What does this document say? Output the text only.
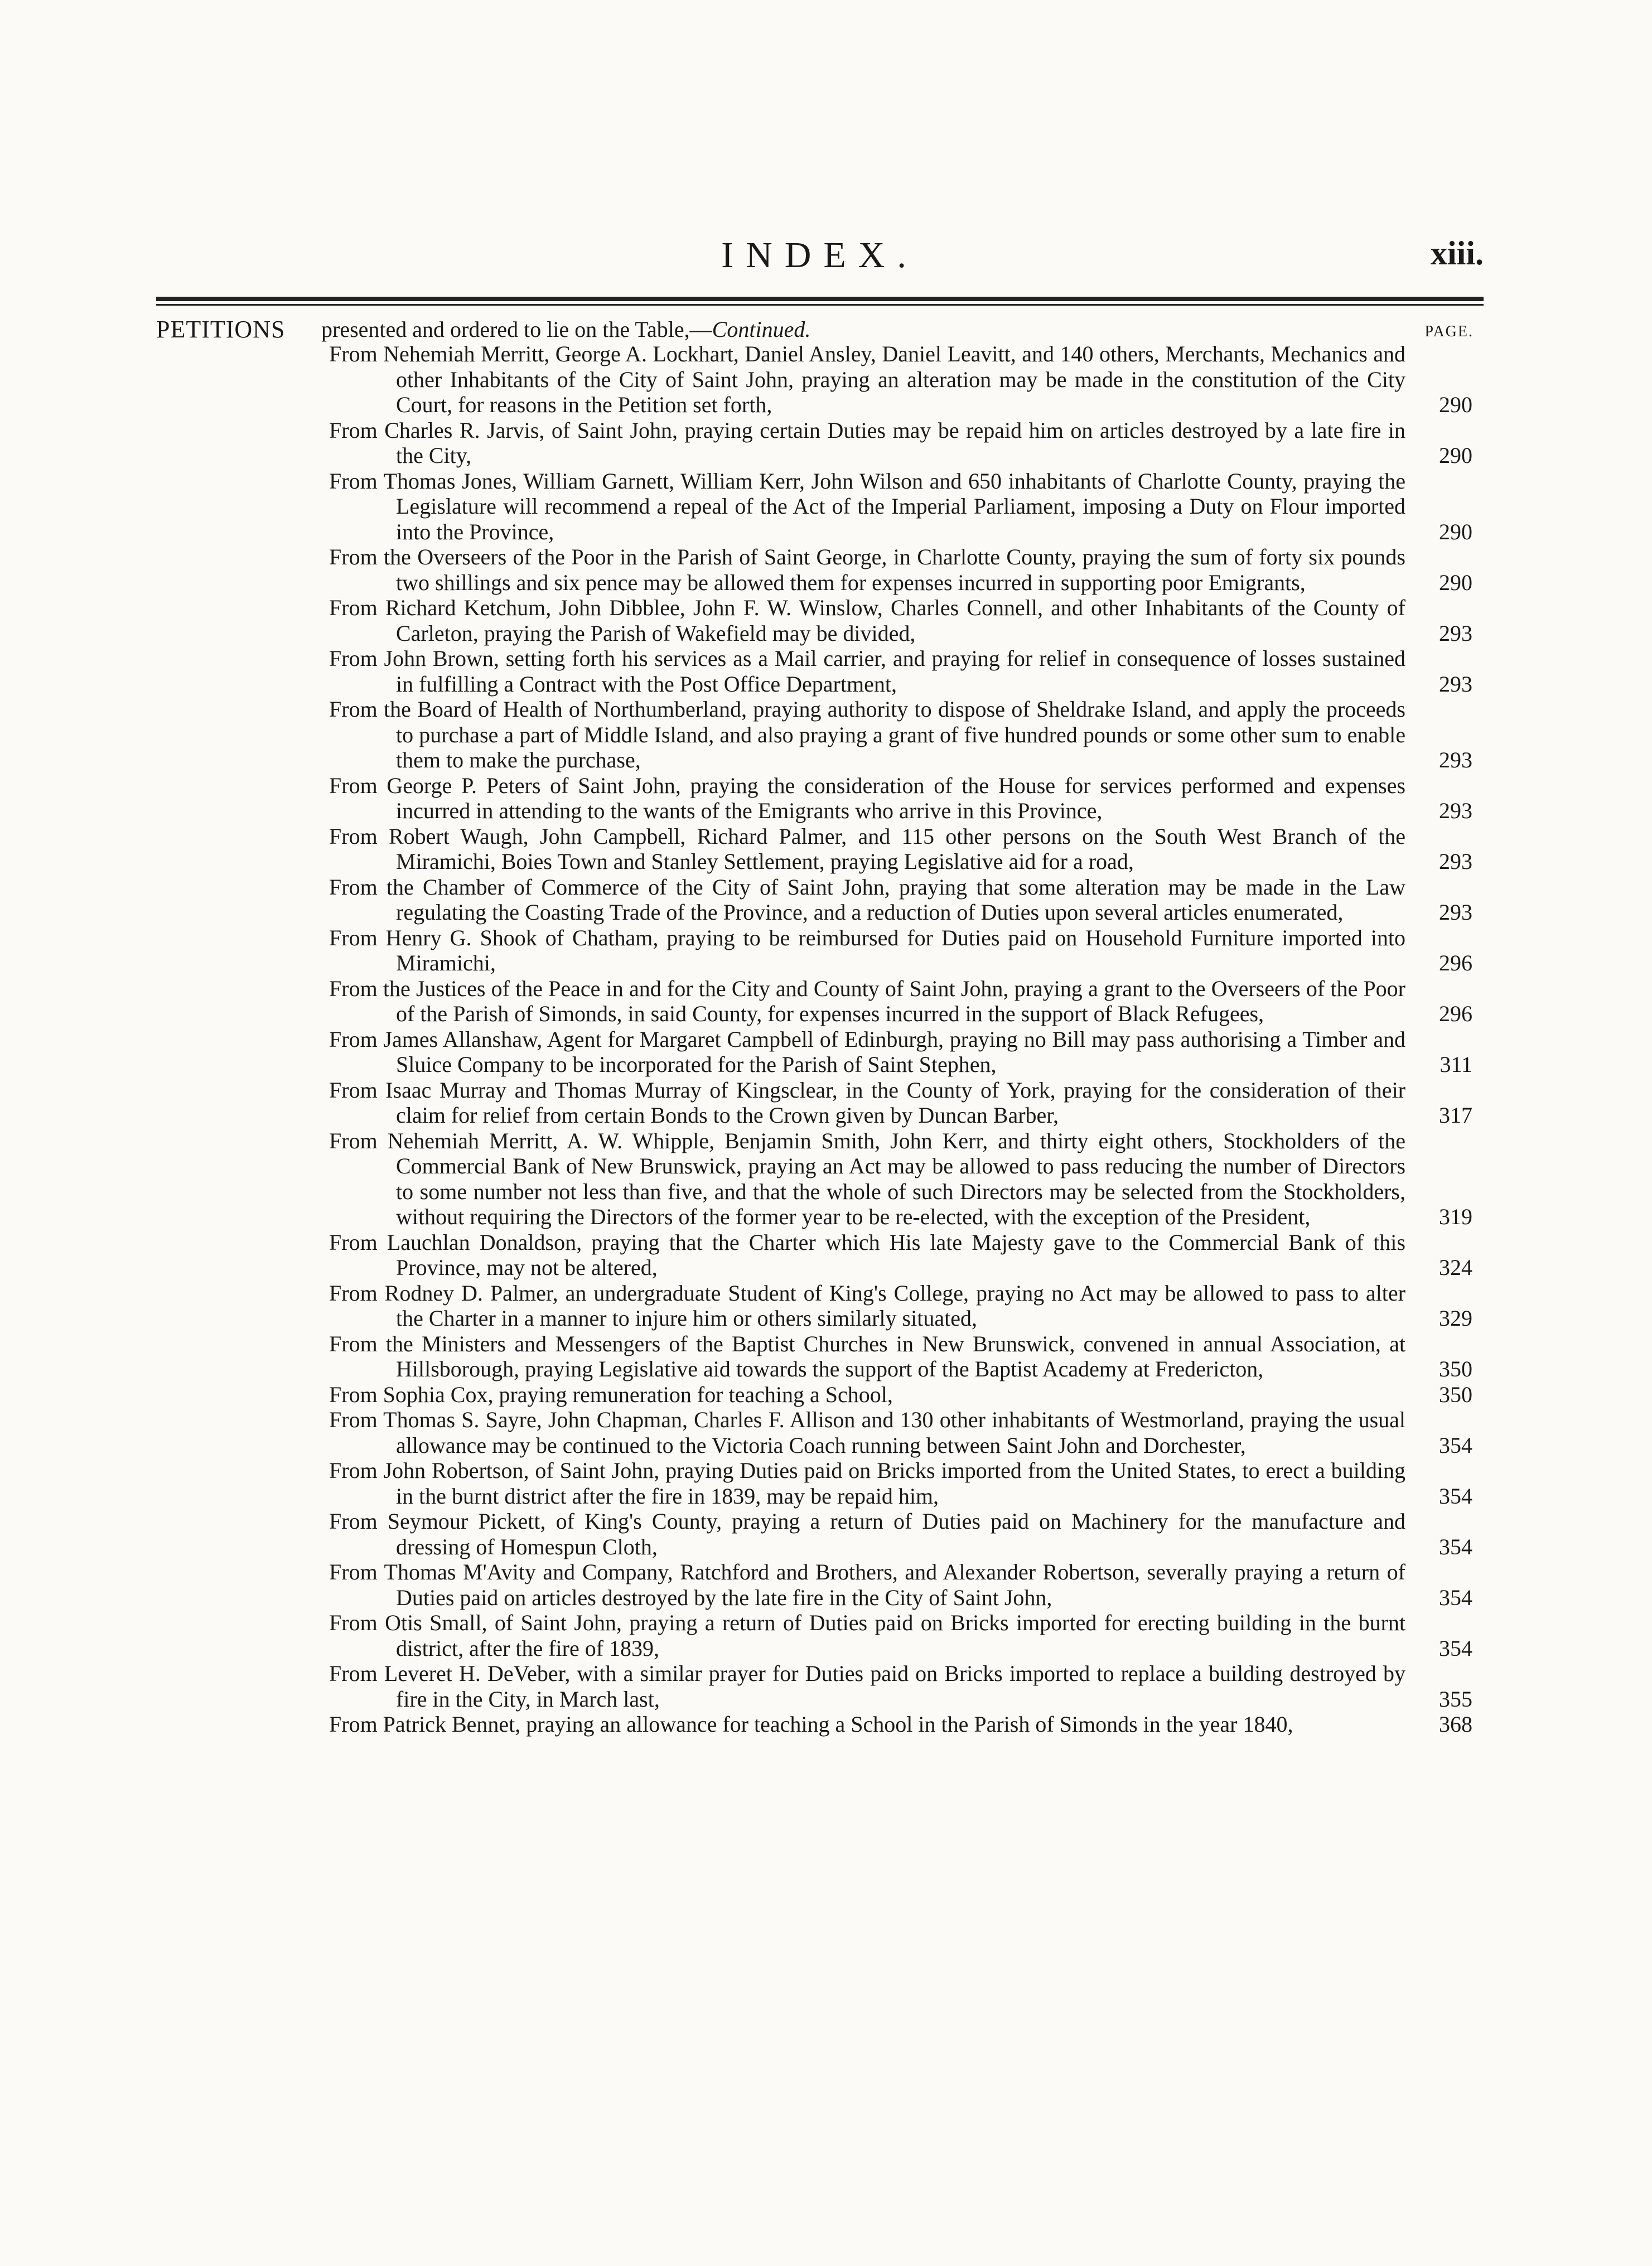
INDEX.	xiii.
PETITIONS presented and ordered to lie on the Table,—Continued.	PAGE.
From Nehemiah Merritt, George A. Lockhart, Daniel Ansley, Daniel Leavitt, and 140 others, Merchants, Mechanics and other Inhabitants of the City of Saint John, praying an alteration may be made in the constitution of the City Court, for reasons in the Petition set forth,	290
From Charles R. Jarvis, of Saint John, praying certain Duties may be repaid him on articles destroyed by a late fire in the City,	290
From Thomas Jones, William Garnett, William Kerr, John Wilson and 650 inhabitants of Charlotte County, praying the Legislature will recommend a repeal of the Act of the Imperial Parliament, imposing a Duty on Flour imported into the Province,	290
From the Overseers of the Poor in the Parish of Saint George, in Charlotte County, praying the sum of forty six pounds two shillings and six pence may be allowed them for expenses incurred in supporting poor Emigrants,	290
From Richard Ketchum, John Dibblee, John F. W. Winslow, Charles Connell, and other Inhabitants of the County of Carleton, praying the Parish of Wakefield may be divided,	293
From John Brown, setting forth his services as a Mail carrier, and praying for relief in consequence of losses sustained in fulfilling a Contract with the Post Office Department,	293
From the Board of Health of Northumberland, praying authority to dispose of Sheldrake Island, and apply the proceeds to purchase a part of Middle Island, and also praying a grant of five hundred pounds or some other sum to enable them to make the purchase,	293
From George P. Peters of Saint John, praying the consideration of the House for services performed and expenses incurred in attending to the wants of the Emigrants who arrive in this Province,	293
From Robert Waugh, John Campbell, Richard Palmer, and 115 other persons on the South West Branch of the Miramichi, Boies Town and Stanley Settlement, praying Legislative aid for a road,	293
From the Chamber of Commerce of the City of Saint John, praying that some alteration may be made in the Law regulating the Coasting Trade of the Province, and a reduction of Duties upon several articles enumerated,	293
From Henry G. Shook of Chatham, praying to be reimbursed for Duties paid on Household Furniture imported into Miramichi,	296
From the Justices of the Peace in and for the City and County of Saint John, praying a grant to the Overseers of the Poor of the Parish of Simonds, in said County, for expenses incurred in the support of Black Refugees,	296
From James Allanshaw, Agent for Margaret Campbell of Edinburgh, praying no Bill may pass authorising a Timber and Sluice Company to be incorporated for the Parish of Saint Stephen,	311
From Isaac Murray and Thomas Murray of Kingsclear, in the County of York, praying for the consideration of their claim for relief from certain Bonds to the Crown given by Duncan Barber,	317
From Nehemiah Merritt, A. W. Whipple, Benjamin Smith, John Kerr, and thirty eight others, Stockholders of the Commercial Bank of New Brunswick, praying an Act may be allowed to pass reducing the number of Directors to some number not less than five, and that the whole of such Directors may be selected from the Stockholders, without requiring the Directors of the former year to be re-elected, with the exception of the President,	319
From Lauchlan Donaldson, praying that the Charter which His late Majesty gave to the Commercial Bank of this Province, may not be altered,	324
From Rodney D. Palmer, an undergraduate Student of King's College, praying no Act may be allowed to pass to alter the Charter in a manner to injure him or others similarly situated,	329
From the Ministers and Messengers of the Baptist Churches in New Brunswick, convened in annual Association, at Hillsborough, praying Legislative aid towards the support of the Baptist Academy at Fredericton,	350
From Sophia Cox, praying remuneration for teaching a School,	350
From Thomas S. Sayre, John Chapman, Charles F. Allison and 130 other inhabitants of Westmorland, praying the usual allowance may be continued to the Victoria Coach running between Saint John and Dorchester,	354
From John Robertson, of Saint John, praying Duties paid on Bricks imported from the United States, to erect a building in the burnt district after the fire in 1839, may be repaid him,	354
From Seymour Pickett, of King's County, praying a return of Duties paid on Machinery for the manufacture and dressing of Homespun Cloth,	354
From Thomas M'Avity and Company, Ratchford and Brothers, and Alexander Robertson, severally praying a return of Duties paid on articles destroyed by the late fire in the City of Saint John,	354
From Otis Small, of Saint John, praying a return of Duties paid on Bricks imported for erecting building in the burnt district, after the fire of 1839,	354
From Leveret H. DeVeber, with a similar prayer for Duties paid on Bricks imported to replace a building destroyed by fire in the City, in March last,	355
From Patrick Bennet, praying an allowance for teaching a School in the Parish of Simonds in the year 1840,	368
